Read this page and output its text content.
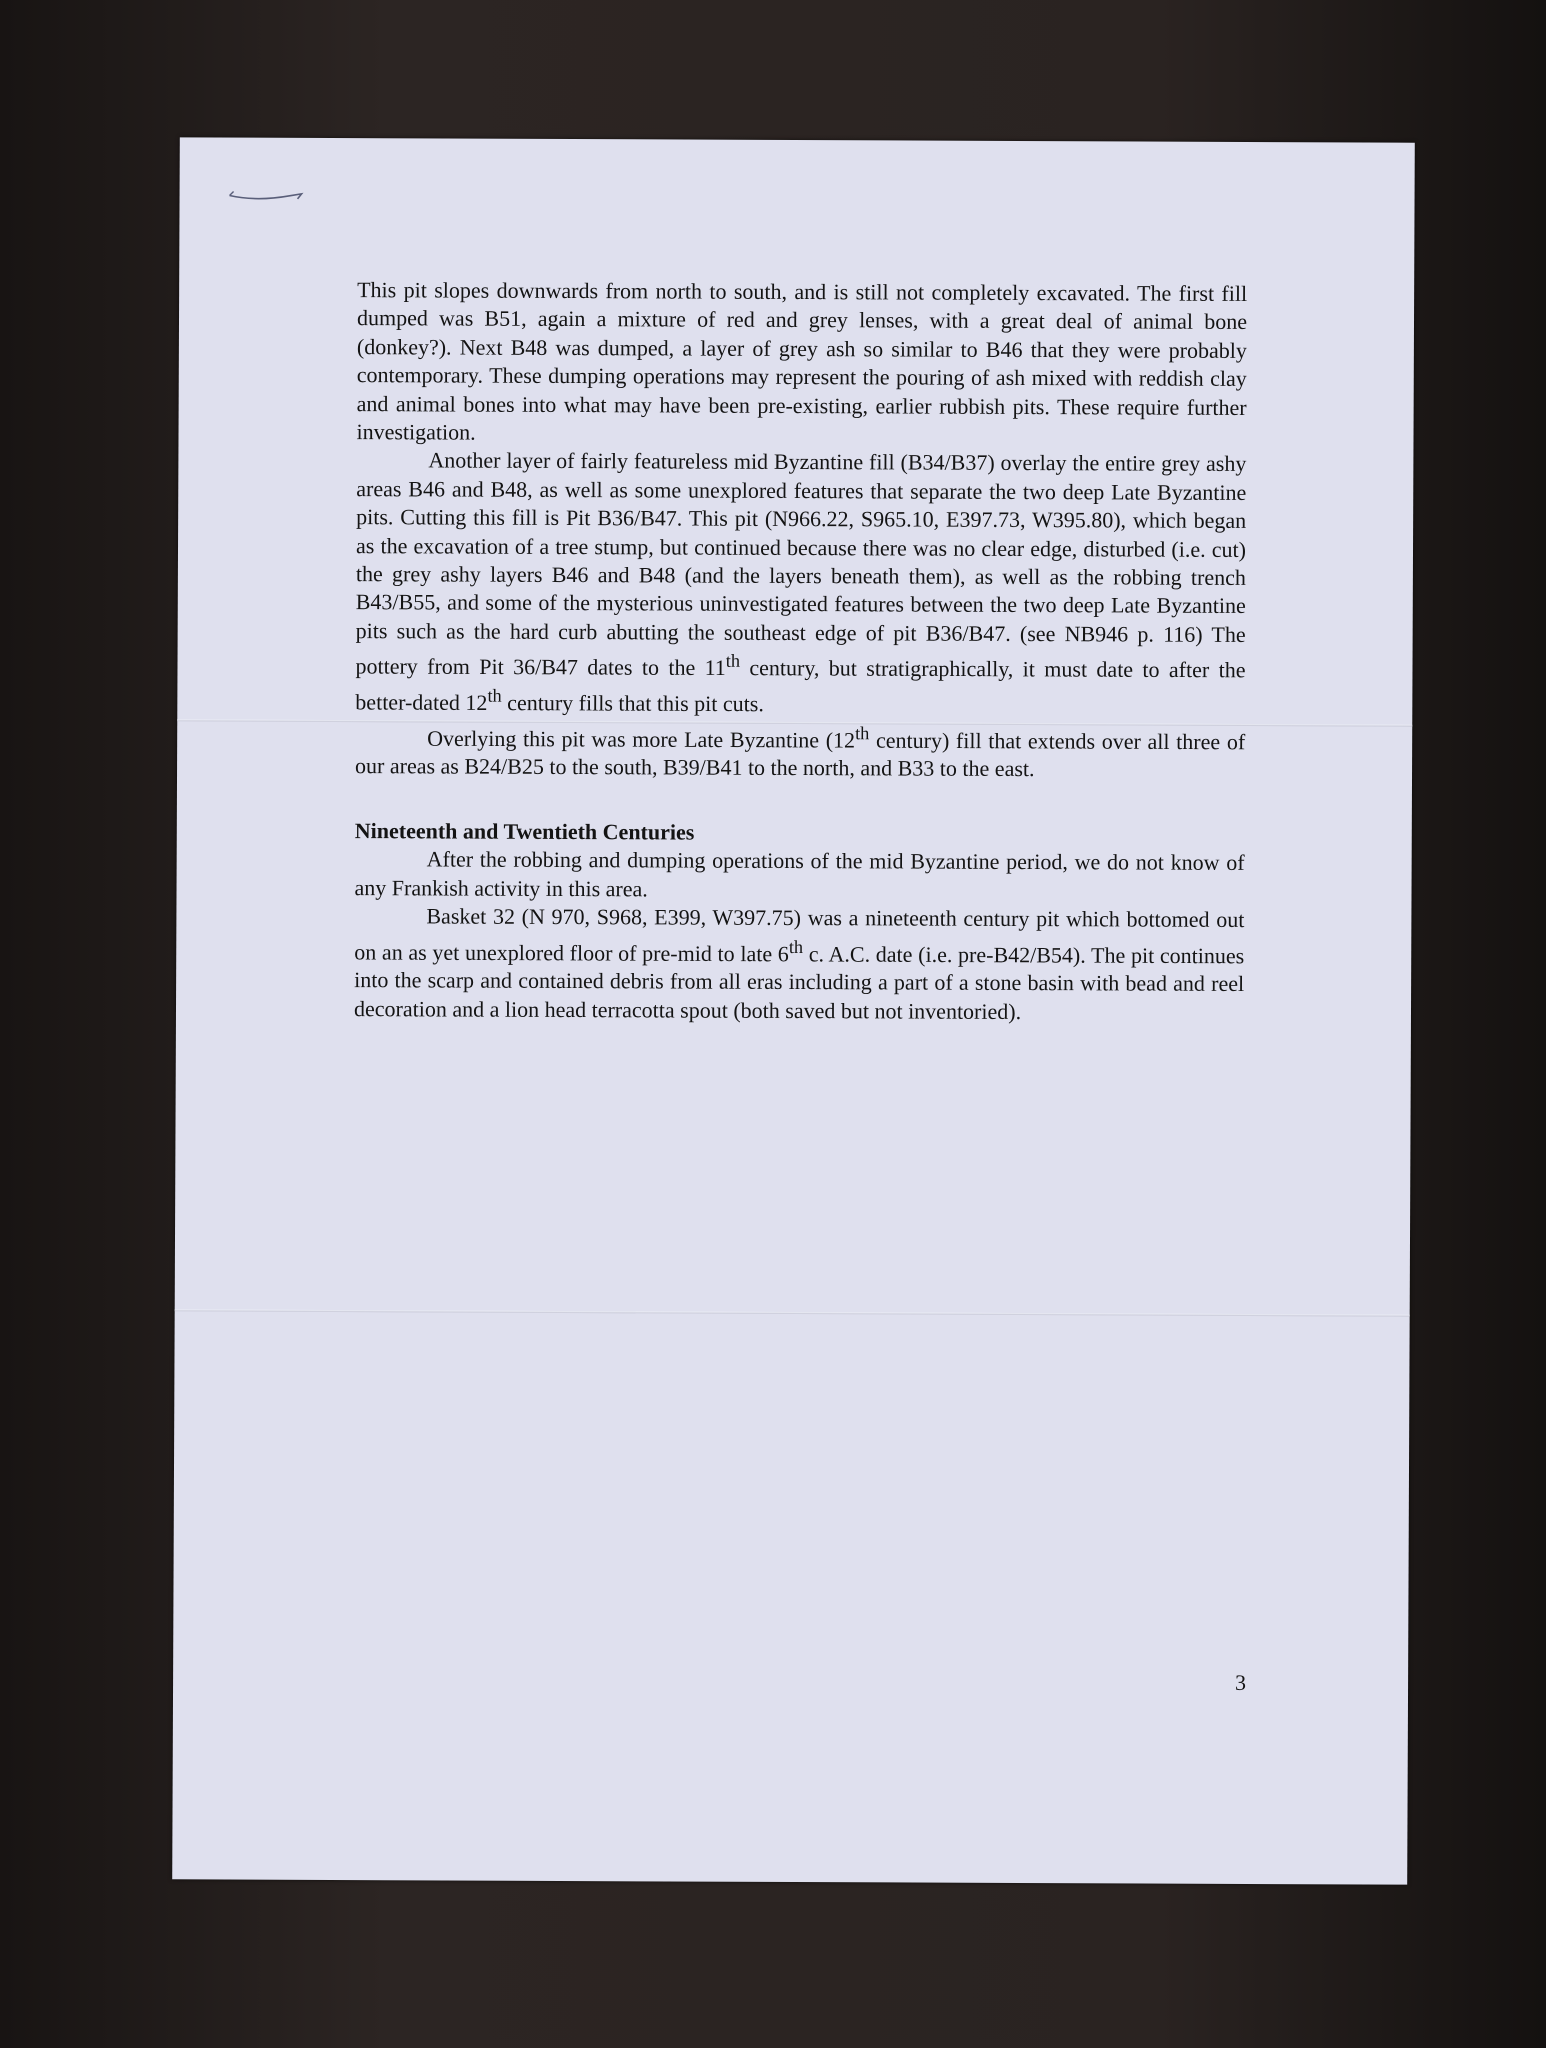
This pit slopes downwards from north to south, and is still not completely excavated. The first fill dumped was B51, again a mixture of red and grey lenses, with a great deal of animal bone (donkey?). Next B48 was dumped, a layer of grey ash so similar to B46 that they were probably contemporary. These dumping operations may represent the pouring of ash mixed with reddish clay and animal bones into what may have been pre-existing, earlier rubbish pits. These require further investigation.

Another layer of fairly featureless mid Byzantine fill (B34/B37) overlay the entire grey ashy areas B46 and B48, as well as some unexplored features that separate the two deep Late Byzantine pits. Cutting this fill is Pit B36/B47. This pit (N966.22, S965.10, E397.73, W395.80), which began as the excavation of a tree stump, but continued because there was no clear edge, disturbed (i.e. cut) the grey ashy layers B46 and B48 (and the layers beneath them), as well as the robbing trench B43/B55, and some of the mysterious uninvestigated features between the two deep Late Byzantine pits such as the hard curb abutting the southeast edge of pit B36/B47. (see NB946 p. 116) The pottery from Pit 36/B47 dates to the 11th century, but stratigraphically, it must date to after the better-dated 12th century fills that this pit cuts.

Overlying this pit was more Late Byzantine (12th century) fill that extends over all three of our areas as B24/B25 to the south, B39/B41 to the north, and B33 to the east.

Nineteenth and Twentieth Centuries

After the robbing and dumping operations of the mid Byzantine period, we do not know of any Frankish activity in this area.

Basket 32 (N 970, S968, E399, W397.75) was a nineteenth century pit which bottomed out on an as yet unexplored floor of pre-mid to late 6th c. A.C. date (i.e. pre-B42/B54). The pit continues into the scarp and contained debris from all eras including a part of a stone basin with bead and reel decoration and a lion head terracotta spout (both saved but not inventoried).

3
